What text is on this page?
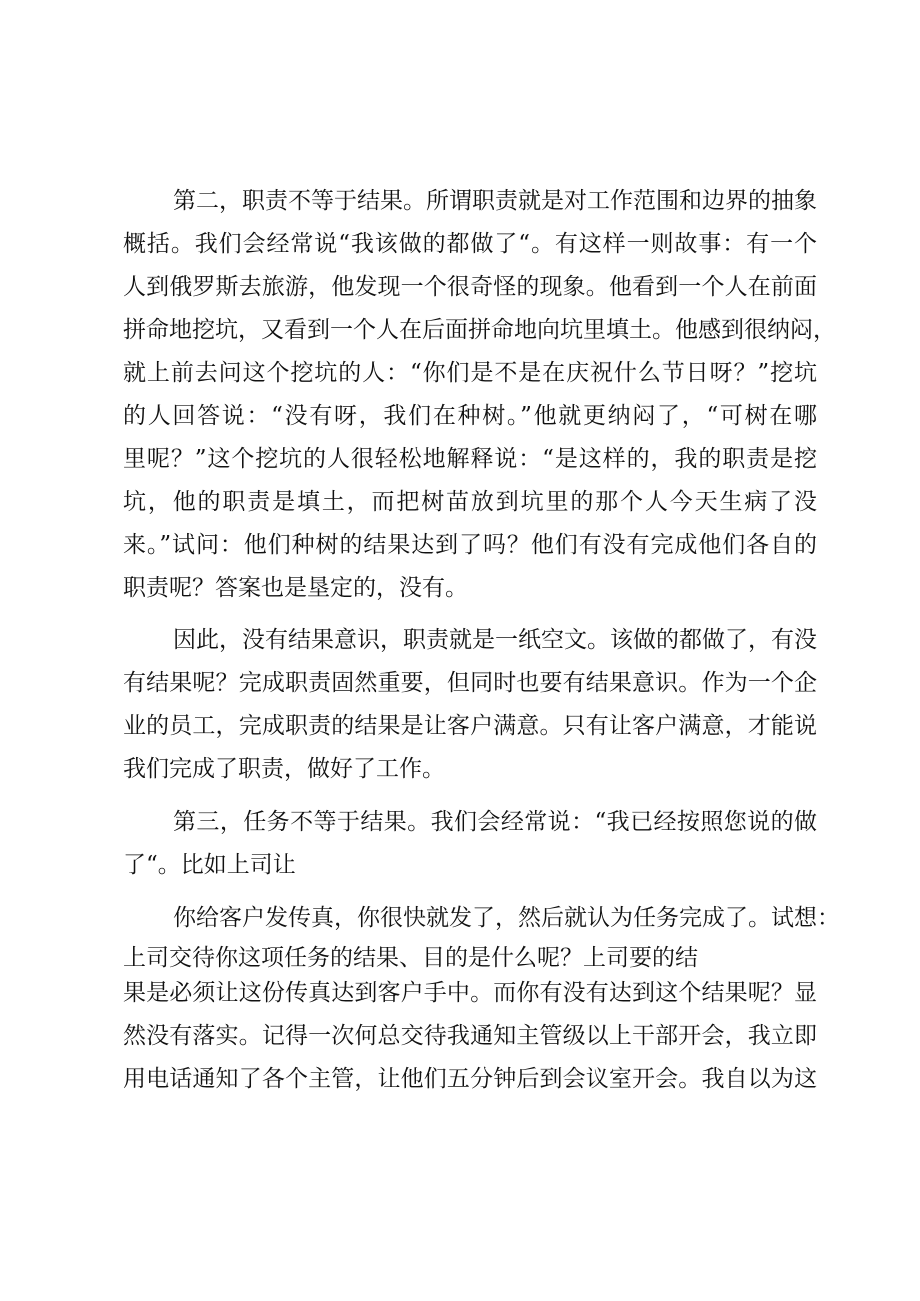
第二，职责不等于结果。所谓职责就是对工作范围和边界的抽象
概括。我们会经常说“我该做的都做了“。有这样一则故事：有一个
人到俄罗斯去旅游，他发现一个很奇怪的现象。他看到一个人在前面
拼命地挖坑，又看到一个人在后面拼命地向坑里填土。他感到很纳闷，
就上前去问这个挖坑的人：“你们是不是在庆祝什么节日呀？”挖坑
的人回答说：“没有呀，我们在种树。”他就更纳闷了，“可树在哪
里呢？”这个挖坑的人很轻松地解释说：“是这样的，我的职责是挖
坑，他的职责是填土，而把树苗放到坑里的那个人今天生病了没
来。”试问：他们种树的结果达到了吗？他们有没有完成他们各自的
职责呢？答案也是垦定的，没有。
因此，没有结果意识，职责就是一纸空文。该做的都做了，有没
有结果呢？完成职责固然重要，但同时也要有结果意识。作为一个企
业的员工，完成职责的结果是让客户满意。只有让客户满意，才能说
我们完成了职责，做好了工作。
第三，任务不等于结果。我们会经常说：“我已经按照您说的做
了“。比如上司让
你给客户发传真，你很快就发了，然后就认为任务完成了。试想：
上司交待你这项任务的结果、目的是什么呢？上司要的结
果是必须让这份传真达到客户手中。而你有没有达到这个结果呢？显
然没有落实。记得一次何总交待我通知主管级以上干部开会，我立即
用电话通知了各个主管，让他们五分钟后到会议室开会。我自以为这
